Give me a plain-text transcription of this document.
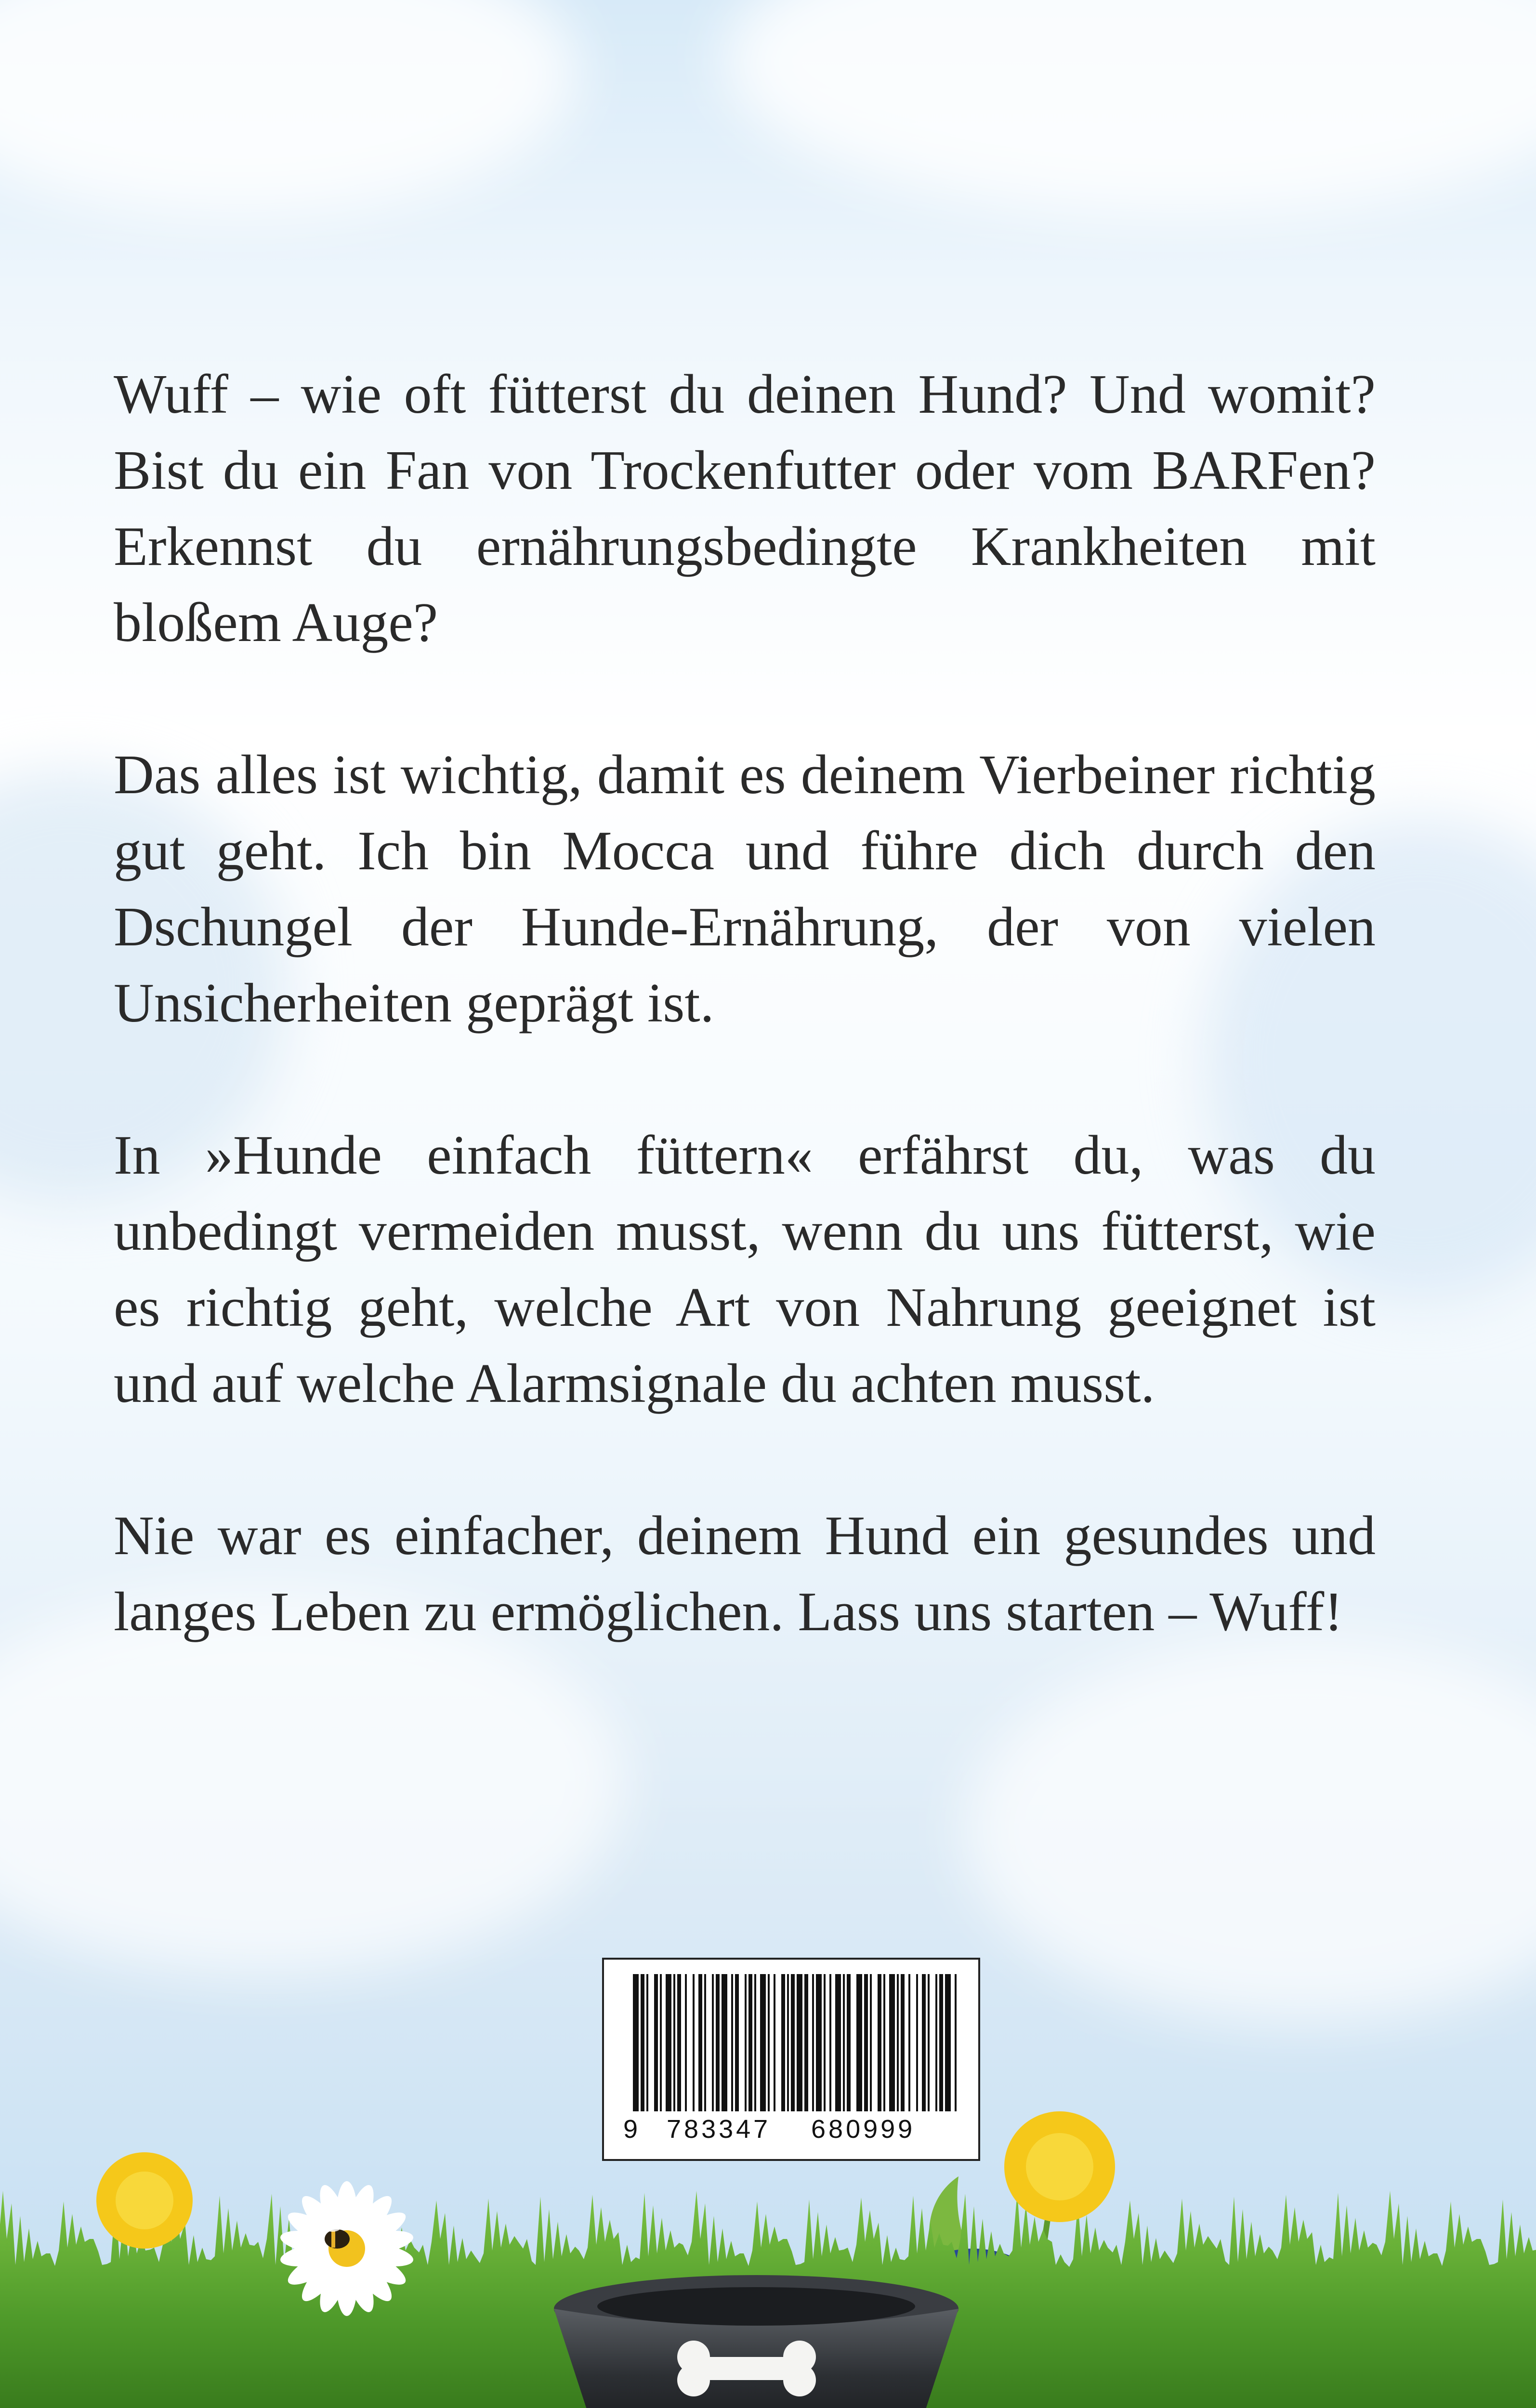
Wuff – wie oft fütterst du deinen Hund? Und womit? Bist du ein Fan von Trockenfutter oder vom BARFen? Erkennst du ernährungsbedingte Krankheiten mit bloßem Auge?

Das alles ist wichtig, damit es deinem Vierbeiner richtig gut geht. Ich bin Mocca und führe dich durch den Dschungel der Hunde-Ernährung, der von vielen Unsicherheiten geprägt ist.

In »Hunde einfach füttern« erfährst du, was du unbedingt vermeiden musst, wenn du uns fütterst, wie es richtig geht, welche Art von Nahrung geeignet ist und auf welche Alarmsignale du achten musst.

Nie war es einfacher, deinem Hund ein gesundes und langes Leben zu ermöglichen. Lass uns starten – Wuff!

9 783347 680999
